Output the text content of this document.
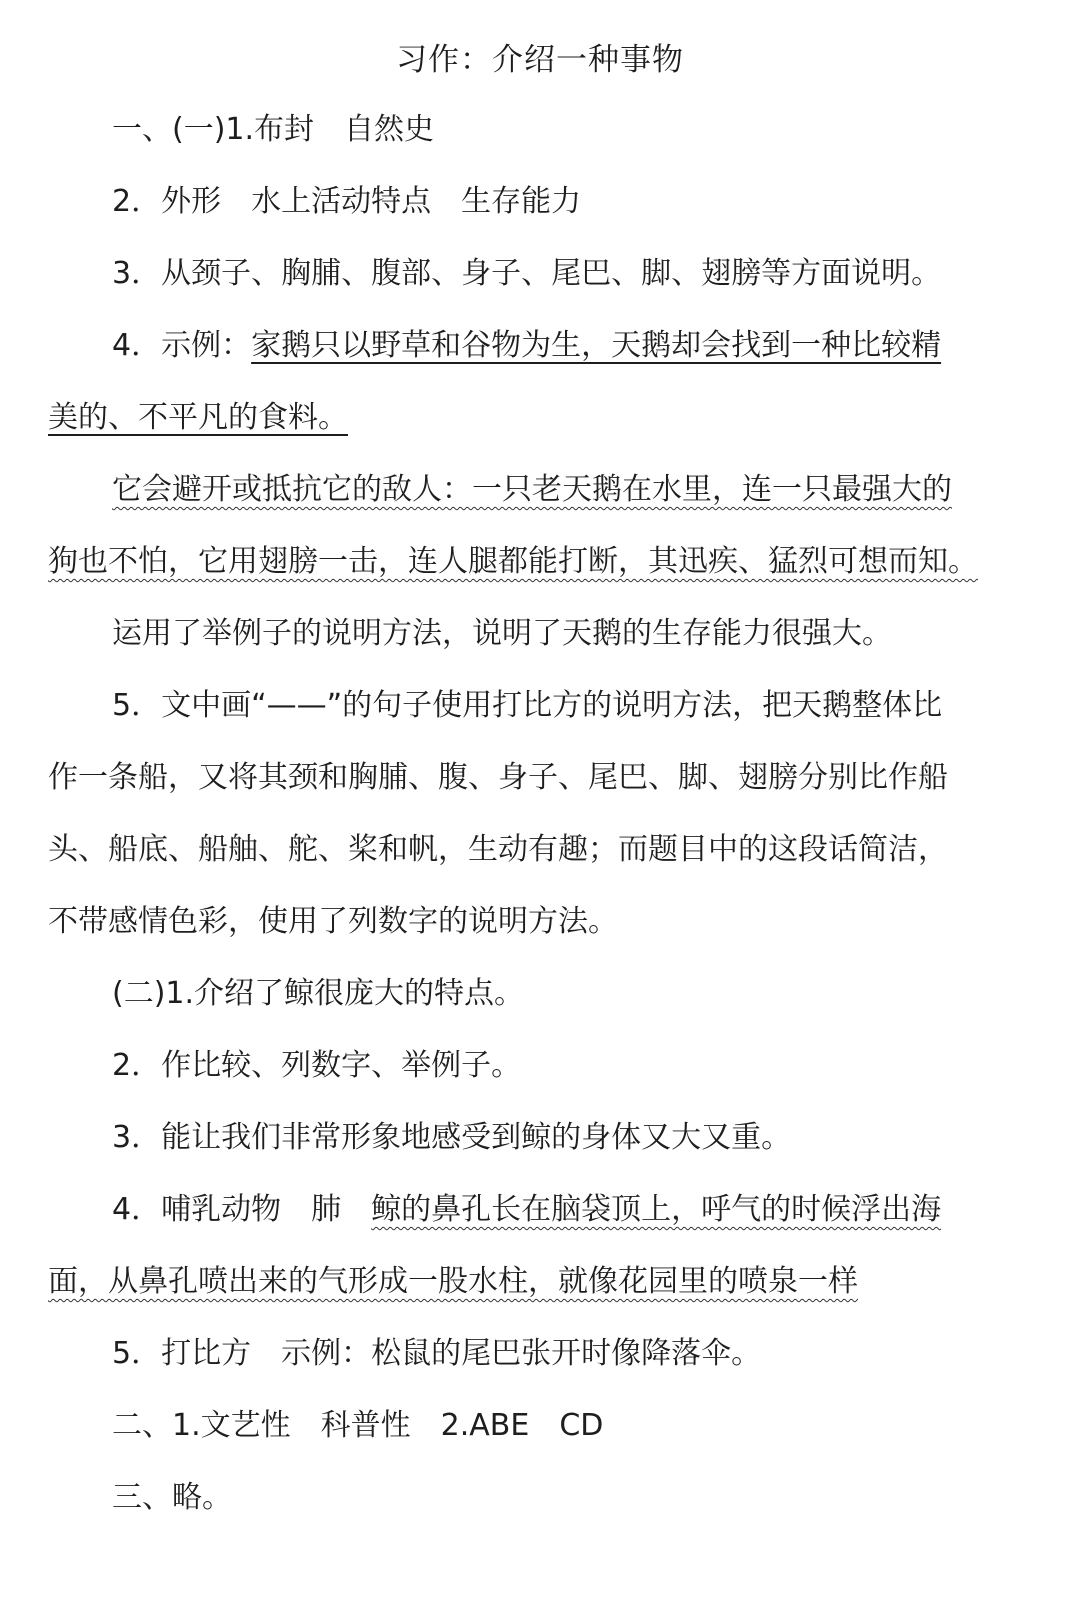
习作：介绍一种事物
一、(一)1.布封 自然史
2．外形 水上活动特点 生存能力
3．从颈子、胸脯、腹部、身子、尾巴、脚、翅膀等方面说明。
4．示例：家鹅只以野草和谷物为生，天鹅却会找到一种比较精
美的、不平凡的食料。
它会避开或抵抗它的敌人：一只老天鹅在水里，连一只最强大的
狗也不怕，它用翅膀一击，连人腿都能打断，其迅疾、猛烈可想而知。
运用了举例子的说明方法，说明了天鹅的生存能力很强大。
5．文中画“——”的句子使用打比方的说明方法，把天鹅整体比
作一条船，又将其颈和胸脯、腹、身子、尾巴、脚、翅膀分别比作船
头、船底、船舳、舵、桨和帆，生动有趣；而题目中的这段话简洁，
不带感情色彩，使用了列数字的说明方法。
(二)1.介绍了鲸很庞大的特点。
2．作比较、列数字、举例子。
3．能让我们非常形象地感受到鲸的身体又大又重。
4．哺乳动物 肺 鲸的鼻孔长在脑袋顶上，呼气的时候浮出海
面，从鼻孔喷出来的气形成一股水柱，就像花园里的喷泉一样
5．打比方 示例：松鼠的尾巴张开时像降落伞。
二、1.文艺性 科普性 2.ABE CD
三、略。
